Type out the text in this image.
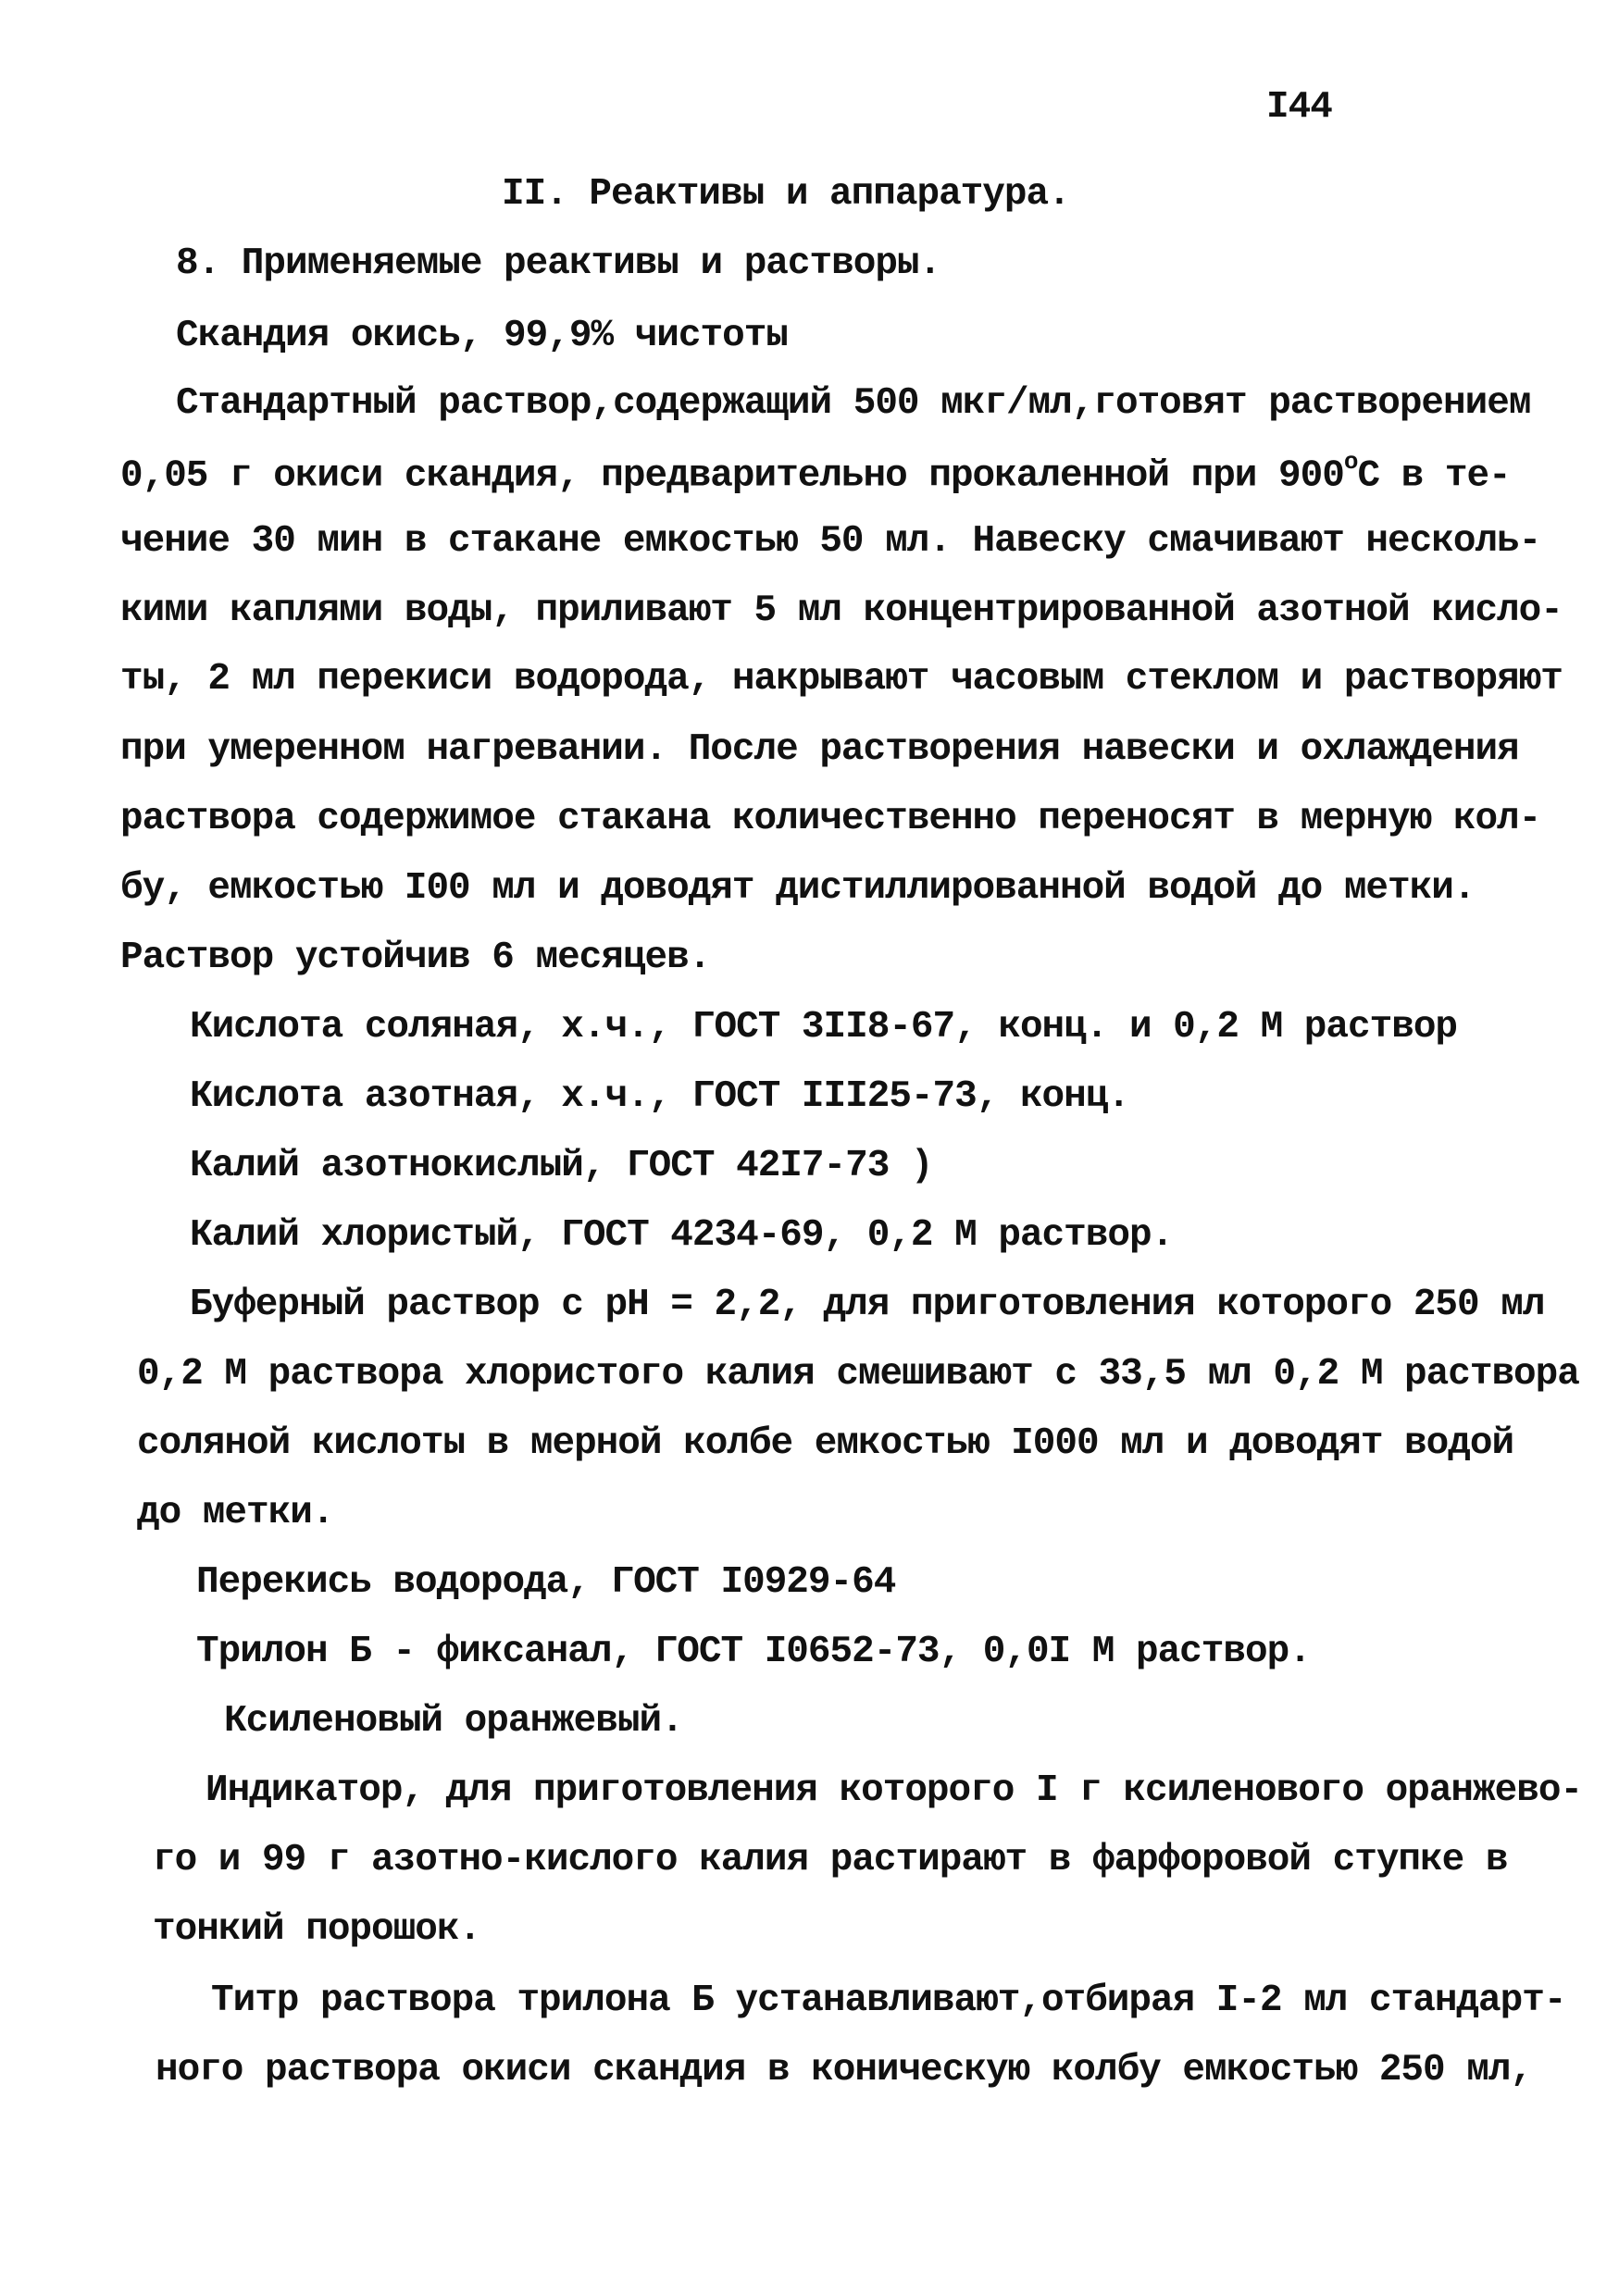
I44
II. Реактивы и аппаратура.
8. Применяемые реактивы и растворы.
Скандия окись, 99,9% чистоты
Стандартный раствор,содержащий 500 мкг/мл,готовят растворением
0,05 г окиси скандия, предварительно прокаленной при $900^оС$ в те-
чение 30 мин в стакане емкостью 50 мл. Навеску смачивают несколь-
кими каплями воды, приливают 5 мл концентрированной азотной кисло-
ты, 2 мл перекиси водорода, накрывают часовым стеклом и растворяют
при умеренном нагревании. После растворения навески и охлаждения
раствора содержимое стакана количественно переносят в мерную кол-
бу, емкостью I00 мл и доводят дистиллированной водой до метки.
Раствор устойчив 6 месяцев.
Кислота соляная, х.ч., ГОСТ 3II8-67, конц. и 0,2 М раствор
Кислота азотная, х.ч., ГОСТ III25-73, конц.
Калий азотнокислый, ГОСТ 42I7-73 )
Калий хлористый, ГОСТ 4234-69, 0,2 М раствор.
Буферный раствор с рН = 2,2, для приготовления которого 250 мл
0,2 М раствора хлористого калия смешивают с 33,5 мл 0,2 М раствора
соляной кислоты в мерной колбе емкостью I000 мл и доводят водой
до метки.
Перекись водорода, ГОСТ I0929-64
Трилон Б - фиксанал, ГОСТ I0652-73, 0,0I М раствор.
Ксиленовый оранжевый.
Индикатор, для приготовления которого I г ксиленового оранжево-
го и 99 г азотно-кислого калия растирают в фарфоровой ступке в
тонкий порошок.
Титр раствора трилона Б устанавливают,отбирая I-2 мл стандарт-
ного раствора окиси скандия в коническую колбу емкостью 250 мл,
